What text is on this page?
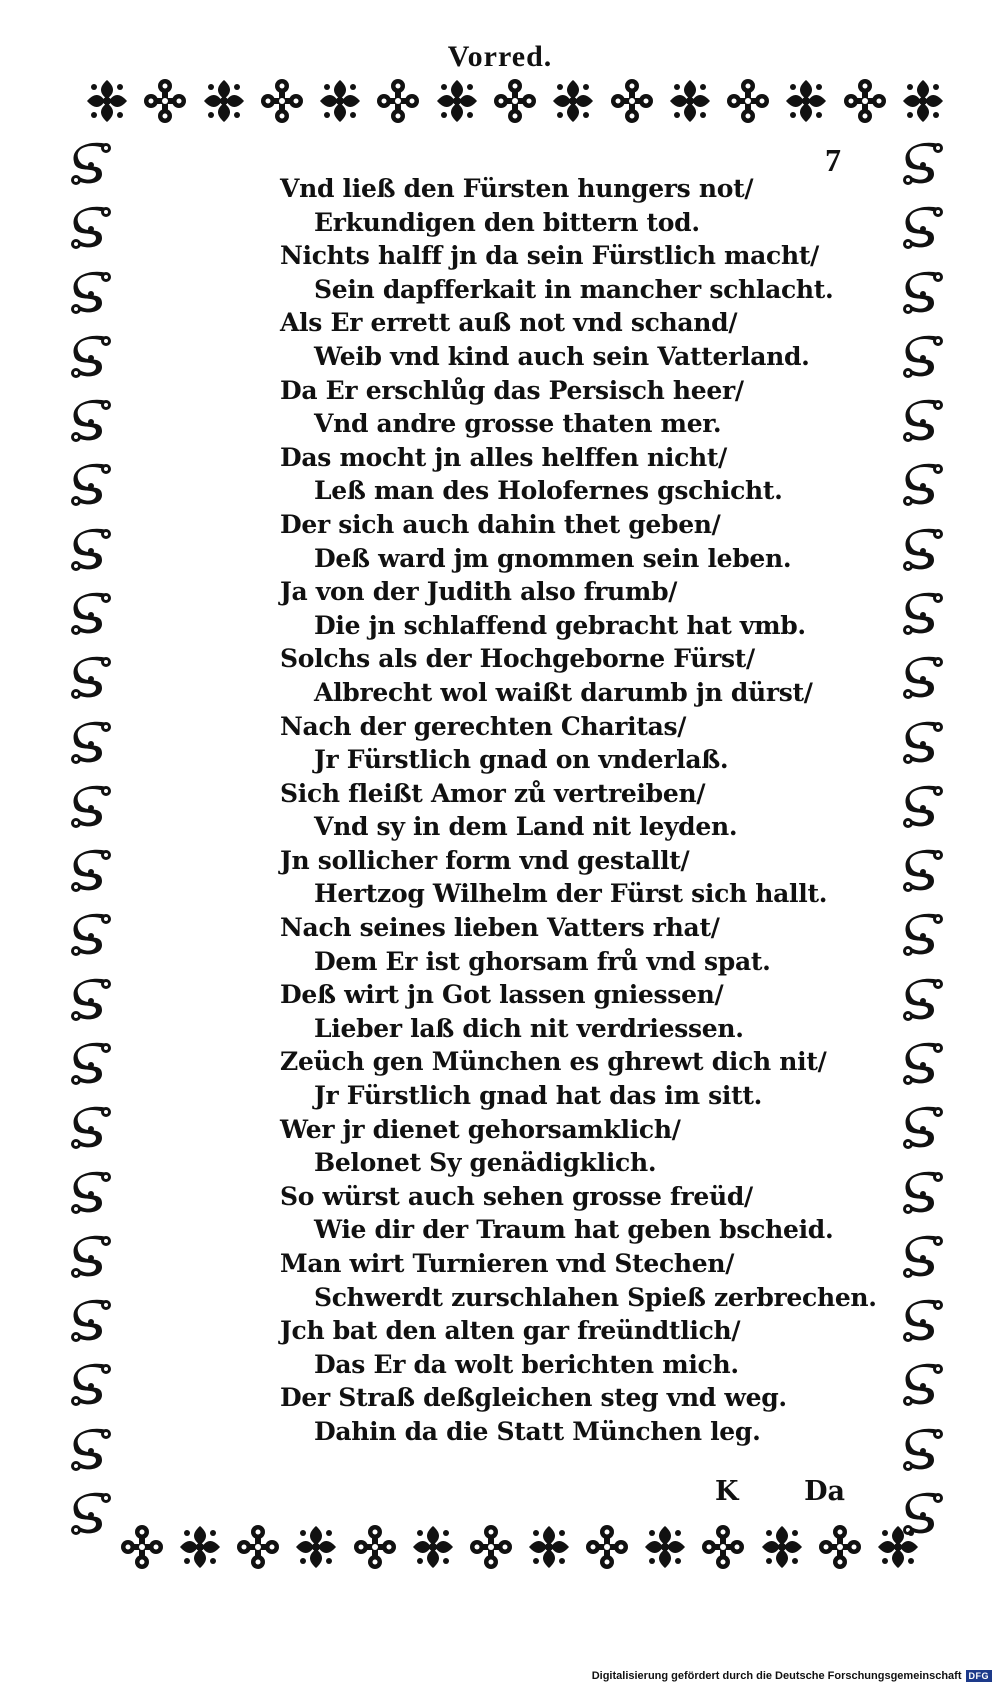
Vorred.
7
Vnd ließ den Fürsten hungers not/
Erkundigen den bittern tod.
Nichts halff jn da sein Fürstlich macht/
Sein dapfferkait in mancher schlacht.
Als Er errett auß not vnd schand/
Weib vnd kind auch sein Vatterland.
Da Er erschlůg das Persisch heer/
Vnd andre grosse thaten mer.
Das mocht jn alles helffen nicht/
Leß man des Holofernes gschicht.
Der sich auch dahin thet geben/
Deß ward jm gnommen sein leben.
Ja von der Judith also frumb/
Die jn schlaffend gebracht hat vmb.
Solchs als der Hochgeborne Fürst/
Albrecht wol waißt darumb jn dürst/
Nach der gerechten Charitas/
Jr Fürstlich gnad on vnderlaß.
Sich fleißt Amor zů vertreiben/
Vnd sy in dem Land nit leyden.
Jn sollicher form vnd gestallt/
Hertzog Wilhelm der Fürst sich hallt.
Nach seines lieben Vatters rhat/
Dem Er ist ghorsam frů vnd spat.
Deß wirt jn Got lassen gniessen/
Lieber laß dich nit verdriessen.
Zeüch gen München es ghrewt dich nit/
Jr Fürstlich gnad hat das im sitt.
Wer jr dienet gehorsamklich/
Belonet Sy genädigklich.
So würst auch sehen grosse freüd/
Wie dir der Traum hat geben bscheid.
Man wirt Turnieren vnd Stechen/
Schwerdt zurschlahen Spieß zerbrechen.
Jch bat den alten gar freündtlich/
Das Er da wolt berichten mich.
Der Straß deßgleichen steg vnd weg.
Dahin da die Statt München leg.
K Da
Digitalisierung gefördert durch die Deutsche Forschungsgemeinschaft DFG
